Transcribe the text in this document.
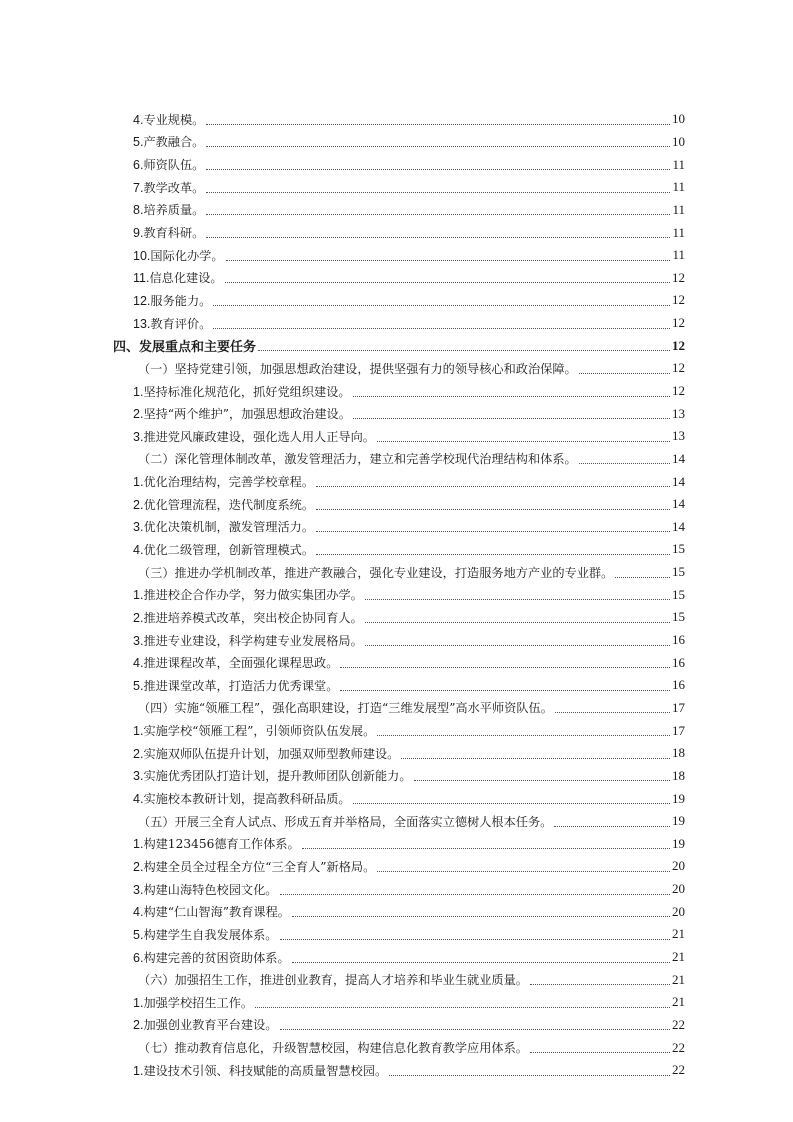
4.专业规模。	10
5.产教融合。	10
6.师资队伍。	11
7.教学改革。	11
8.培养质量。	11
9.教育科研。	11
10.国际化办学。	11
11.信息化建设。	12
12.服务能力。	12
13.教育评价。	12
四、发展重点和主要任务	12
（一）坚持党建引领，加强思想政治建设，提供坚强有力的领导核心和政治保障。	12
1.坚持标准化规范化，抓好党组织建设。	12
2.坚持“两个维护”，加强思想政治建设。	13
3.推进党风廉政建设，强化选人用人正导向。	13
（二）深化管理体制改革，激发管理活力，建立和完善学校现代治理结构和体系。	14
1.优化治理结构，完善学校章程。	14
2.优化管理流程，迭代制度系统。	14
3.优化决策机制，激发管理活力。	14
4.优化二级管理，创新管理模式。	15
（三）推进办学机制改革，推进产教融合，强化专业建设，打造服务地方产业的专业群。	15
1.推进校企合作办学，努力做实集团办学。	15
2.推进培养模式改革，突出校企协同育人。	15
3.推进专业建设，科学构建专业发展格局。	16
4.推进课程改革，全面强化课程思政。	16
5.推进课堂改革，打造活力优秀课堂。	16
（四）实施“领雁工程”，强化高职建设，打造“三维发展型”高水平师资队伍。	17
1.实施学校“领雁工程”，引领师资队伍发展。	17
2.实施双师队伍提升计划，加强双师型教师建设。	18
3.实施优秀团队打造计划，提升教师团队创新能力。	18
4.实施校本教研计划，提高教科研品质。	19
（五）开展三全育人试点、形成五育并举格局，全面落实立德树人根本任务。	19
1.构建123456德育工作体系。	19
2.构建全员全过程全方位“三全育人”新格局。	20
3.构建山海特色校园文化。	20
4.构建“仁山智海”教育课程。	20
5.构建学生自我发展体系。	21
6.构建完善的贫困资助体系。	21
（六）加强招生工作，推进创业教育，提高人才培养和毕业生就业质量。	21
1.加强学校招生工作。	21
2.加强创业教育平台建设。	22
（七）推动教育信息化，升级智慧校园，构建信息化教育教学应用体系。	22
1.建设技术引领、科技赋能的高质量智慧校园。	22
